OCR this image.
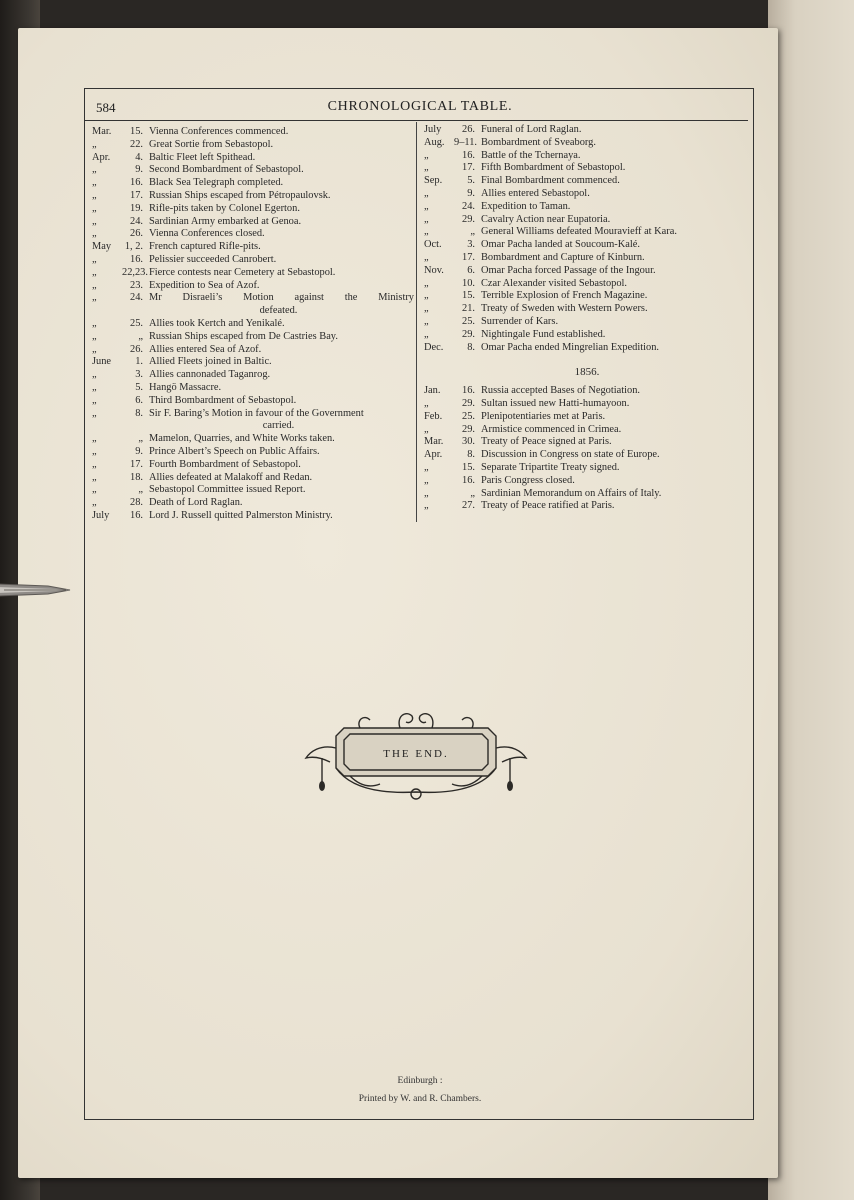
584	CHRONOLOGICAL TABLE.
Mar.	15. Vienna Conferences commenced.
„	22. Great Sortie from Sebastopol.
Apr.	4. Baltic Fleet left Spithead.
„	9. Second Bombardment of Sebastopol.
„	16. Black Sea Telegraph completed.
„	17. Russian Ships escaped from Pétropaulovsk.
„	19. Rifle-pits taken by Colonel Egerton.
„	24. Sardinian Army embarked at Genoa.
„	26. Vienna Conferences closed.
May	1, 2. French captured Rifle-pits.
„	16. Pelissier succeeded Canrobert.
„	22,23. Fierce contests near Cemetery at Sebastopol.
„	23. Expedition to Sea of Azof.
„	24. Mr Disraeli’s Motion against the Ministry
defeated.
„	25. Allies took Kertch and Yenikalé.
„	„ Russian Ships escaped from De Castries Bay.
„	26. Allies entered Sea of Azof.
June	1. Allied Fleets joined in Baltic.
„	3. Allies cannonaded Taganrog.
„	5. Hangö Massacre.
„	6. Third Bombardment of Sebastopol.
„	8. Sir F. Baring’s Motion in favour of the Government
carried.
„	„ Mamelon, Quarries, and White Works taken.
„	9. Prince Albert’s Speech on Public Affairs.
„	17. Fourth Bombardment of Sebastopol.
„	18. Allies defeated at Malakoff and Redan.
„	„ Sebastopol Committee issued Report.
„	28. Death of Lord Raglan.
July	16. Lord J. Russell quitted Palmerston Ministry.
July	26. Funeral of Lord Raglan.
Aug. 9–11. Bombardment of Sveaborg.
„	16. Battle of the Tchernaya.
„	17. Fifth Bombardment of Sebastopol.
Sep.	5. Final Bombardment commenced.
„	9. Allies entered Sebastopol.
„	24. Expedition to Taman.
„	29. Cavalry Action near Eupatoria.
„	„ General Williams defeated Mouravieff at Kara.
Oct.	3. Omar Pacha landed at Soucoum-Kalé.
„	17. Bombardment and Capture of Kinburn.
Nov.	6. Omar Pacha forced Passage of the Ingour.
„	10. Czar Alexander visited Sebastopol.
„	15. Terrible Explosion of French Magazine.
„	21. Treaty of Sweden with Western Powers.
„	25. Surrender of Kars.
„	29. Nightingale Fund established.
Dec.	8. Omar Pacha ended Mingrelian Expedition.
1856.
Jan.	16. Russia accepted Bases of Negotiation.
„	29. Sultan issued new Hatti-humayoon.
Feb.	25. Plenipotentiaries met at Paris.
„	29. Armistice commenced in Crimea.
Mar.	30. Treaty of Peace signed at Paris.
Apr.	8. Discussion in Congress on state of Europe.
„	15. Separate Tripartite Treaty signed.
„	16. Paris Congress closed.
„	„ Sardinian Memorandum on Affairs of Italy.
„	27. Treaty of Peace ratified at Paris.
THE END.
Edinburgh :
Printed by W. and R. Chambers.
